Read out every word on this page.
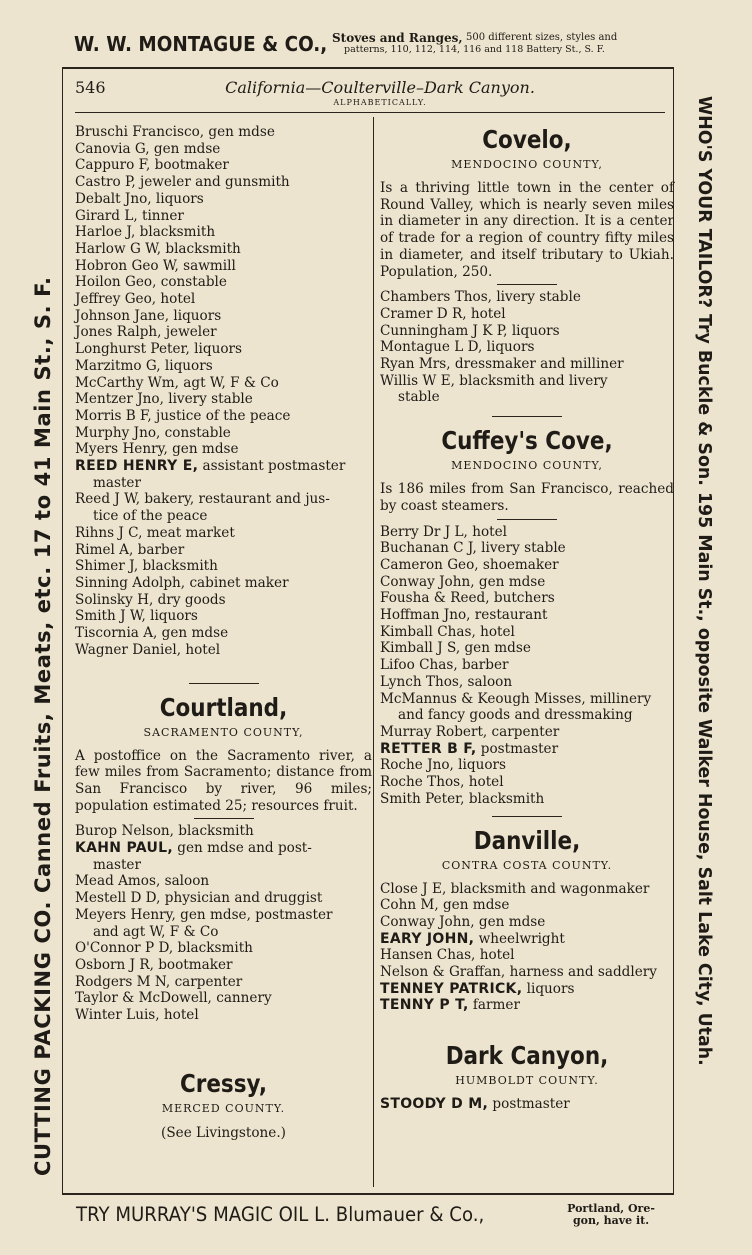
W. W. MONTAGUE & CO., Stoves and Ranges, 500 different sizes, styles and
patterns, 110, 112, 114, 116 and 118 Battery St., S. F.
546	California—Coulterville–Dark Canyon.
ALPHABETICALLY.
CUTTING PACKING CO. Canned Fruits, Meats, etc. 17 to 41 Main St., S. F.	WHO'S YOUR TAILOR? Try Buckle & Son. 195 Main St., opposite Walker House, Salt Lake City, Utah.
Bruschi Francisco, gen mdse
Canovia G, gen mdse
Cappuro F, bootmaker
Castro P, jeweler and gunsmith
Debalt Jno, liquors
Girard L, tinner
Harloe J, blacksmith
Harlow G W, blacksmith
Hobron Geo W, sawmill
Hoilon Geo, constable
Jeffrey Geo, hotel
Johnson Jane, liquors
Jones Ralph, jeweler
Longhurst Peter, liquors
Marzitmo G, liquors
McCarthy Wm, agt W, F & Co
Mentzer Jno, livery stable
Morris B F, justice of the peace
Murphy Jno, constable
Myers Henry, gen mdse
REED HENRY E, assistant postmaster
master
Reed J W, bakery, restaurant and jus-
tice of the peace
Rihns J C, meat market
Rimel A, barber
Shimer J, blacksmith
Sinning Adolph, cabinet maker
Solinsky H, dry goods
Smith J W, liquors
Tiscornia A, gen mdse
Wagner Daniel, hotel
Courtland,
SACRAMENTO COUNTY,
A postoffice on the Sacramento river, a few miles from Sacramento; distance from San Francisco by river, 96 miles; population estimated 25; resources fruit.
Burop Nelson, blacksmith
KAHN PAUL, gen mdse and post-
master
Mead Amos, saloon
Mestell D D, physician and druggist
Meyers Henry, gen mdse, postmaster
and agt W, F & Co
O'Connor P D, blacksmith
Osborn J R, bootmaker
Rodgers M N, carpenter
Taylor & McDowell, cannery
Winter Luis, hotel
Cressy,
MERCED COUNTY.
(See Livingstone.)
Covelo,
MENDOCINO COUNTY,
Is a thriving little town in the center of Round Valley, which is nearly seven miles in diameter in any direction. It is a center of trade for a region of country fifty miles in diameter, and itself tributary to Ukiah. Population, 250.
Chambers Thos, livery stable
Cramer D R, hotel
Cunningham J K P, liquors
Montague L D, liquors
Ryan Mrs, dressmaker and milliner
Willis W E, blacksmith and livery
stable
Cuffey's Cove,
MENDOCINO COUNTY,
Is 186 miles from San Francisco, reached by coast steamers.
Berry Dr J L, hotel
Buchanan C J, livery stable
Cameron Geo, shoemaker
Conway John, gen mdse
Fousha & Reed, butchers
Hoffman Jno, restaurant
Kimball Chas, hotel
Kimball J S, gen mdse
Lifoo Chas, barber
Lynch Thos, saloon
McMannus & Keough Misses, millinery
and fancy goods and dressmaking
Murray Robert, carpenter
RETTER B F, postmaster
Roche Jno, liquors
Roche Thos, hotel
Smith Peter, blacksmith
Danville,
CONTRA COSTA COUNTY.
Close J E, blacksmith and wagonmaker
Cohn M, gen mdse
Conway John, gen mdse
EARY JOHN, wheelwright
Hansen Chas, hotel
Nelson & Graffan, harness and saddlery
TENNEY PATRICK, liquors
TENNY P T, farmer
Dark Canyon,
HUMBOLDT COUNTY.
STOODY D M, postmaster
TRY MURRAY'S MAGIC OIL L. Blumauer & Co.,	Portland, Ore-
gon, have it.
